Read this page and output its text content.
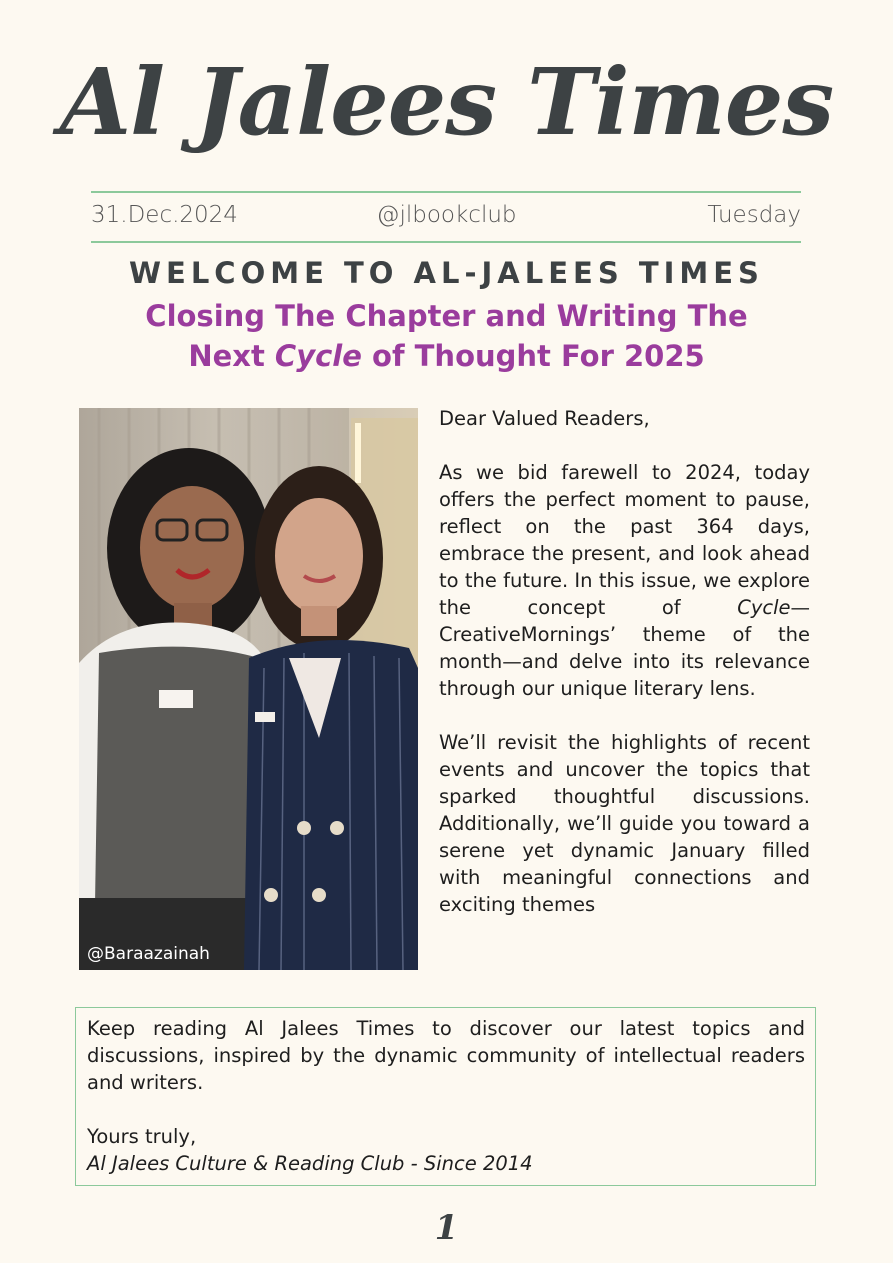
Al Jalees Times
31.Dec.2024	@jlbookclub	Tuesday
WELCOME TO AL-JALEES TIMES
Closing The Chapter and Writing The
Next Cycle of Thought For 2025
@Baraazainah

Dear Valued Readers,

As we bid farewell to 2024, today offers the perfect moment to pause, reflect on the past 364 days, embrace the present, and look ahead to the future. In this issue, we explore the concept of Cycle—CreativeMornings’ theme of the month—and delve into its relevance through our unique literary lens.

We’ll revisit the highlights of recent events and uncover the topics that sparked thoughtful discussions. Additionally, we’ll guide you toward a serene yet dynamic January filled with meaningful connections and exciting themes

Keep reading Al Jalees Times to discover our latest topics and discussions, inspired by the dynamic community of intellectual readers and writers.

Yours truly,
Al Jalees Culture & Reading Club - Since 2014
1
